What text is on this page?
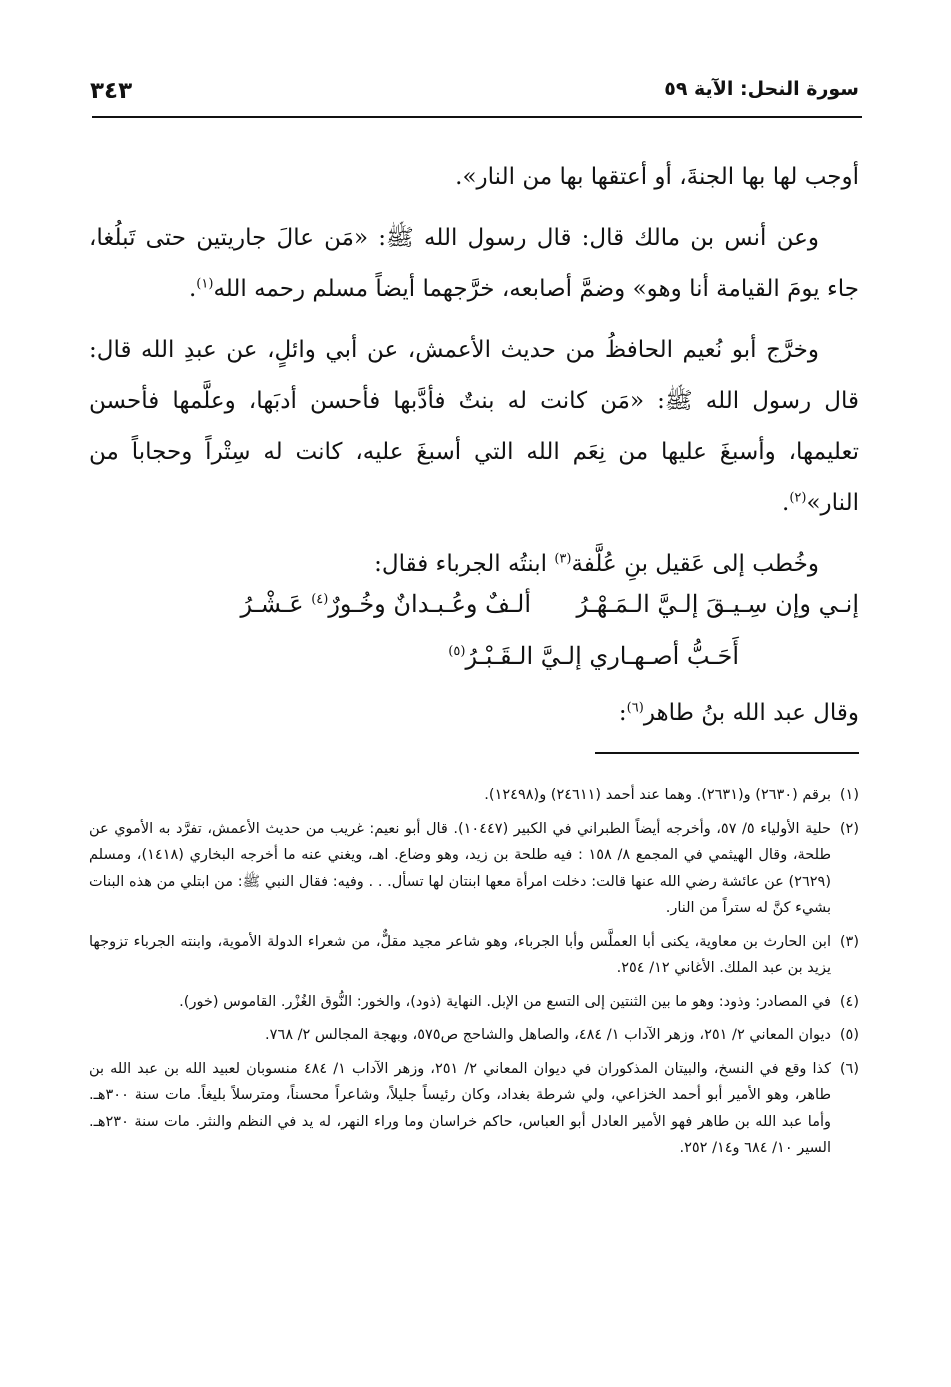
سورة النحل: الآية ٥٩
٣٤٣

أوجب لها بها الجنةَ، أو أعتقها بها من النار».

وعن أنس بن مالك قال: قال رسول الله ﷺ: «مَن عالَ جاريتين حتى تَبلُغا، جاء يومَ القيامة أنا وهو» وضمَّ أصابعه، خرَّجهما أيضاً مسلم رحمه الله$^{(١)}$.

وخرَّج أبو نُعيم الحافظُ من حديث الأعمش، عن أبي وائلٍ، عن عبدِ الله قال: قال رسول الله ﷺ: «مَن كانت له بنتٌ فأدَّبها فأحسن أدبَها، وعلَّمها فأحسن تعليمها، وأسبغَ عليها من نِعَم الله التي أسبغَ عليه، كانت له سِتْراً وحجاباً من النار»$^{(٢)}$.

وخُطب إلى عَقيل بنِ عُلَّفة$^{(٣)}$ ابنتُه الجرباء فقال:

إنـي وإن سِـيـقَ إلـيَّ الـمَـهْـرُ
ألـفٌ وعُـبـدانٌ وخُـورٌ$^{(٤)}$ عَـشْـرُ
أَحَـبُّ أصـهـاري إلـيَّ الـقَـبْـرُ$^{(٥)}$
وقال عبد الله بنُ طاهر$^{(٦)}$:
(١)
برقم (٢٦٣٠) و(٢٦٣١). وهما عند أحمد (٢٤٦١١) و(١٢٤٩٨).
(٢)
حلية الأولياء ٥/ ٥٧، وأخرجه أيضاً الطبراني في الكبير (١٠٤٤٧). قال أبو نعيم: غريب من حديث الأعمش، تفرَّد به الأموي عن طلحة، وقال الهيثمي في المجمع ٨/ ١٥٨ : فيه طلحة بن زيد، وهو وضاع. اهـ، ويغني عنه ما أخرجه البخاري (١٤١٨)، ومسلم (٢٦٢٩) عن عائشة رضي الله عنها قالت: دخلت امرأة معها ابنتان لها تسأل. . . وفيه: فقال النبي ﷺ: من ابتلي من هذه البنات بشيء كنَّ له ستراً من النار.
(٣)
ابن الحارث بن معاوية، يكنى أبا العملَّس وأبا الجرباء، وهو شاعر مجيد مقلٌّ، من شعراء الدولة الأموية، وابنته الجرباء تزوجها يزيد بن عبد الملك. الأغاني ١٢/ ٢٥٤.
(٤)
في المصادر: وذود: وهو ما بين الثنتين إلى التسع من الإبل. النهاية (ذود)، والخور: النُّوق الغُزْر. القاموس (خور).
(٥)
ديوان المعاني ٢/ ٢٥١، وزهر الآداب ١/ ٤٨٤، والصاهل والشاحج ص٥٧٥، وبهجة المجالس ٢/ ٧٦٨.
(٦)
كذا وقع في النسخ، والبيتان المذكوران في ديوان المعاني ٢/ ٢٥١، وزهر الآداب ١/ ٤٨٤ منسوبان لعبيد الله بن عبد الله بن طاهر، وهو الأمير أبو أحمد الخزاعي، ولي شرطة بغداد، وكان رئيساً جليلاً، وشاعراً محسناً، ومترسلاً بليغاً. مات سنة ٣٠٠هـ. وأما عبد الله بن طاهر فهو الأمير العادل أبو العباس، حاكم خراسان وما وراء النهر، له يد في النظم والنثر. مات سنة ٢٣٠هـ. السير ١٠/ ٦٨٤ و١٤/ ٢٥٢.
